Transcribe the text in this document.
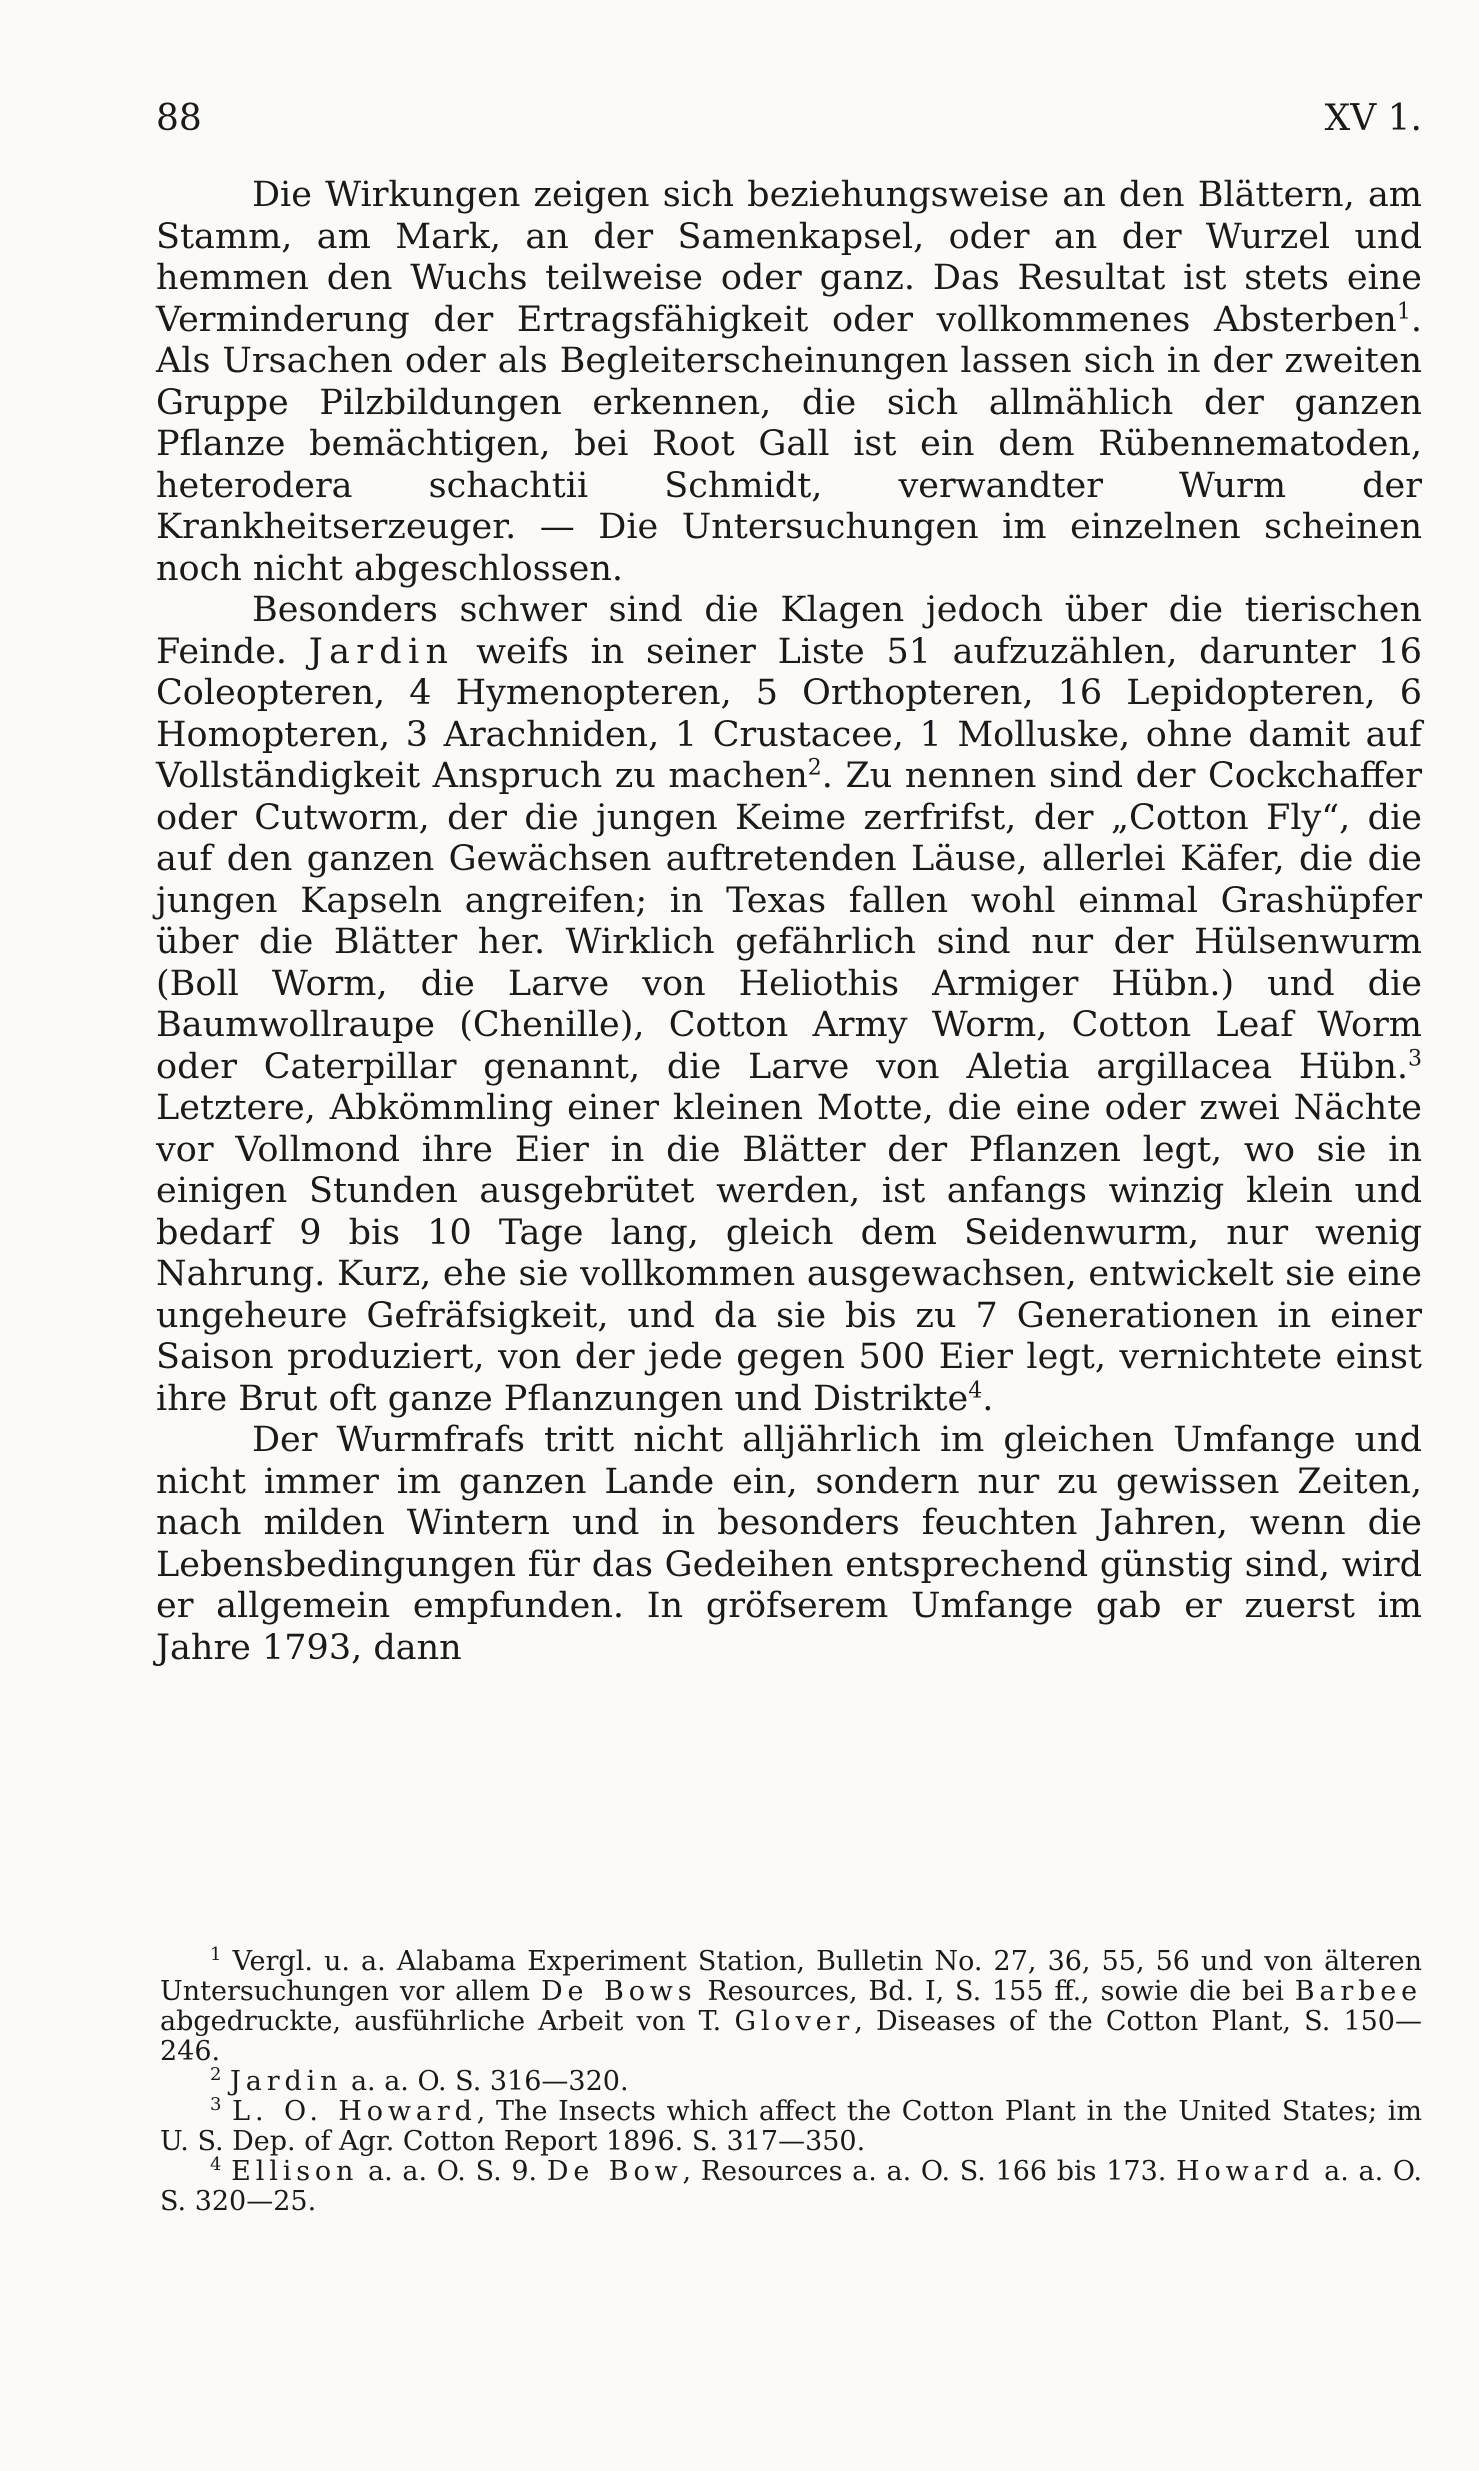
88	XV 1.

Die Wirkungen zeigen sich beziehungsweise an den Blättern, am Stamm, am Mark, an der Samenkapsel, oder an der Wurzel und hemmen den Wuchs teilweise oder ganz. Das Resultat ist stets eine Verminderung der Ertragsfähigkeit oder vollkommenes Absterben$^1$. Als Ursachen oder als Begleiterscheinungen lassen sich in der zweiten Gruppe Pilzbildungen erkennen, die sich allmählich der ganzen Pflanze bemächtigen, bei Root Gall ist ein dem Rübennematoden, heterodera schachtii Schmidt, verwandter Wurm der Krankheitserzeuger. — Die Untersuchungen im einzelnen scheinen noch nicht abgeschlossen.

Besonders schwer sind die Klagen jedoch über die tierischen Feinde. Jardin weifs in seiner Liste 51 aufzuzählen, darunter 16 Coleopteren, 4 Hymenopteren, 5 Orthopteren, 16 Lepidopteren, 6 Homopteren, 3 Arachniden, 1 Crustacee, 1 Molluske, ohne damit auf Vollständigkeit Anspruch zu machen$^2$. Zu nennen sind der Cockchaffer oder Cutworm, der die jungen Keime zerfrifst, der „Cotton Fly“, die auf den ganzen Gewächsen auftretenden Läuse, allerlei Käfer, die die jungen Kapseln angreifen; in Texas fallen wohl einmal Grashüpfer über die Blätter her. Wirklich gefährlich sind nur der Hülsenwurm (Boll Worm, die Larve von Heliothis Armiger Hübn.) und die Baumwollraupe (Chenille), Cotton Army Worm, Cotton Leaf Worm oder Caterpillar genannt, die Larve von Aletia argillacea Hübn.$^3$ Letztere, Abkömmling einer kleinen Motte, die eine oder zwei Nächte vor Vollmond ihre Eier in die Blätter der Pflanzen legt, wo sie in einigen Stunden ausgebrütet werden, ist anfangs winzig klein und bedarf 9 bis 10 Tage lang, gleich dem Seidenwurm, nur wenig Nahrung. Kurz, ehe sie vollkommen ausgewachsen, entwickelt sie eine ungeheure Gefräfsigkeit, und da sie bis zu 7 Generationen in einer Saison produziert, von der jede gegen 500 Eier legt, vernichtete einst ihre Brut oft ganze Pflanzungen und Distrikte$^4$.

Der Wurmfrafs tritt nicht alljährlich im gleichen Umfange und nicht immer im ganzen Lande ein, sondern nur zu gewissen Zeiten, nach milden Wintern und in besonders feuchten Jahren, wenn die Lebensbedingungen für das Gedeihen entsprechend günstig sind, wird er allgemein empfunden. In gröfserem Umfange gab er zuerst im Jahre 1793, dann

$^1$ Vergl. u. a. Alabama Experiment Station, Bulletin No. 27, 36, 55, 56 und von älteren Untersuchungen vor allem De Bows Resources, Bd. I, S. 155 ff., sowie die bei Barbee abgedruckte, ausführliche Arbeit von T. Glover, Diseases of the Cotton Plant, S. 150—246.

$^2$ Jardin a. a. O. S. 316—320.

$^3$ L. O. Howard, The Insects which affect the Cotton Plant in the United States; im U. S. Dep. of Agr. Cotton Report 1896. S. 317—350.

$^4$ Ellison a. a. O. S. 9. De Bow, Resources a. a. O. S. 166 bis 173. Howard a. a. O. S. 320—25.
